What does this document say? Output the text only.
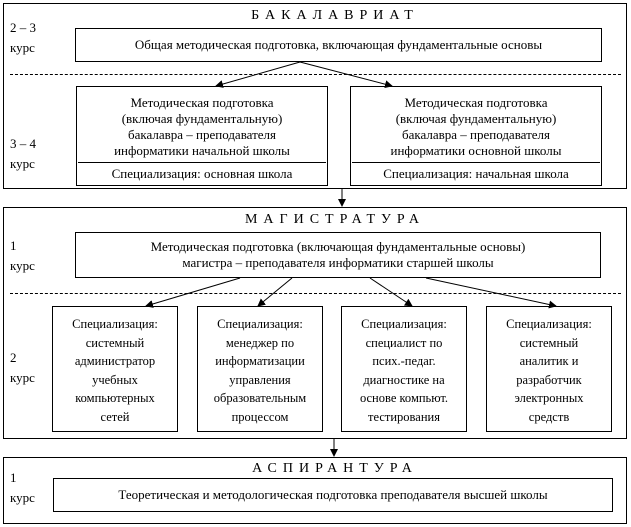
БАКАЛАВРИАТ
2 – 3
курс	Общая методическая подготовка, включающая фундаментальные основы
3 – 4
курс
Методическая подготовка
(включая фундаментальную)
бакалавра – преподавателя
информатики начальной школы
Специализация: основная школа
Методическая подготовка
(включая фундаментальную)
бакалавра – преподавателя
информатики основной школы
Специализация: начальная школа
МАГИСТРАТУРА
1
курс
Методическая подготовка (включающая фундаментальные основы)
магистра – преподавателя информатики старшей школы
2
курс
Специализация:
системный
администратор
учебных
компьютерных
сетей
Специализация:
менеджер по
информатизации
управления
образовательным
процессом
Специализация:
специалист по
псих.-педаг.
диагностике на
основе компьют.
тестирования
Специализация:
системный
аналитик и
разработчик
электронных
средств
АСПИРАНТУРА
1
курс	Теоретическая и методологическая подготовка преподавателя высшей школы
